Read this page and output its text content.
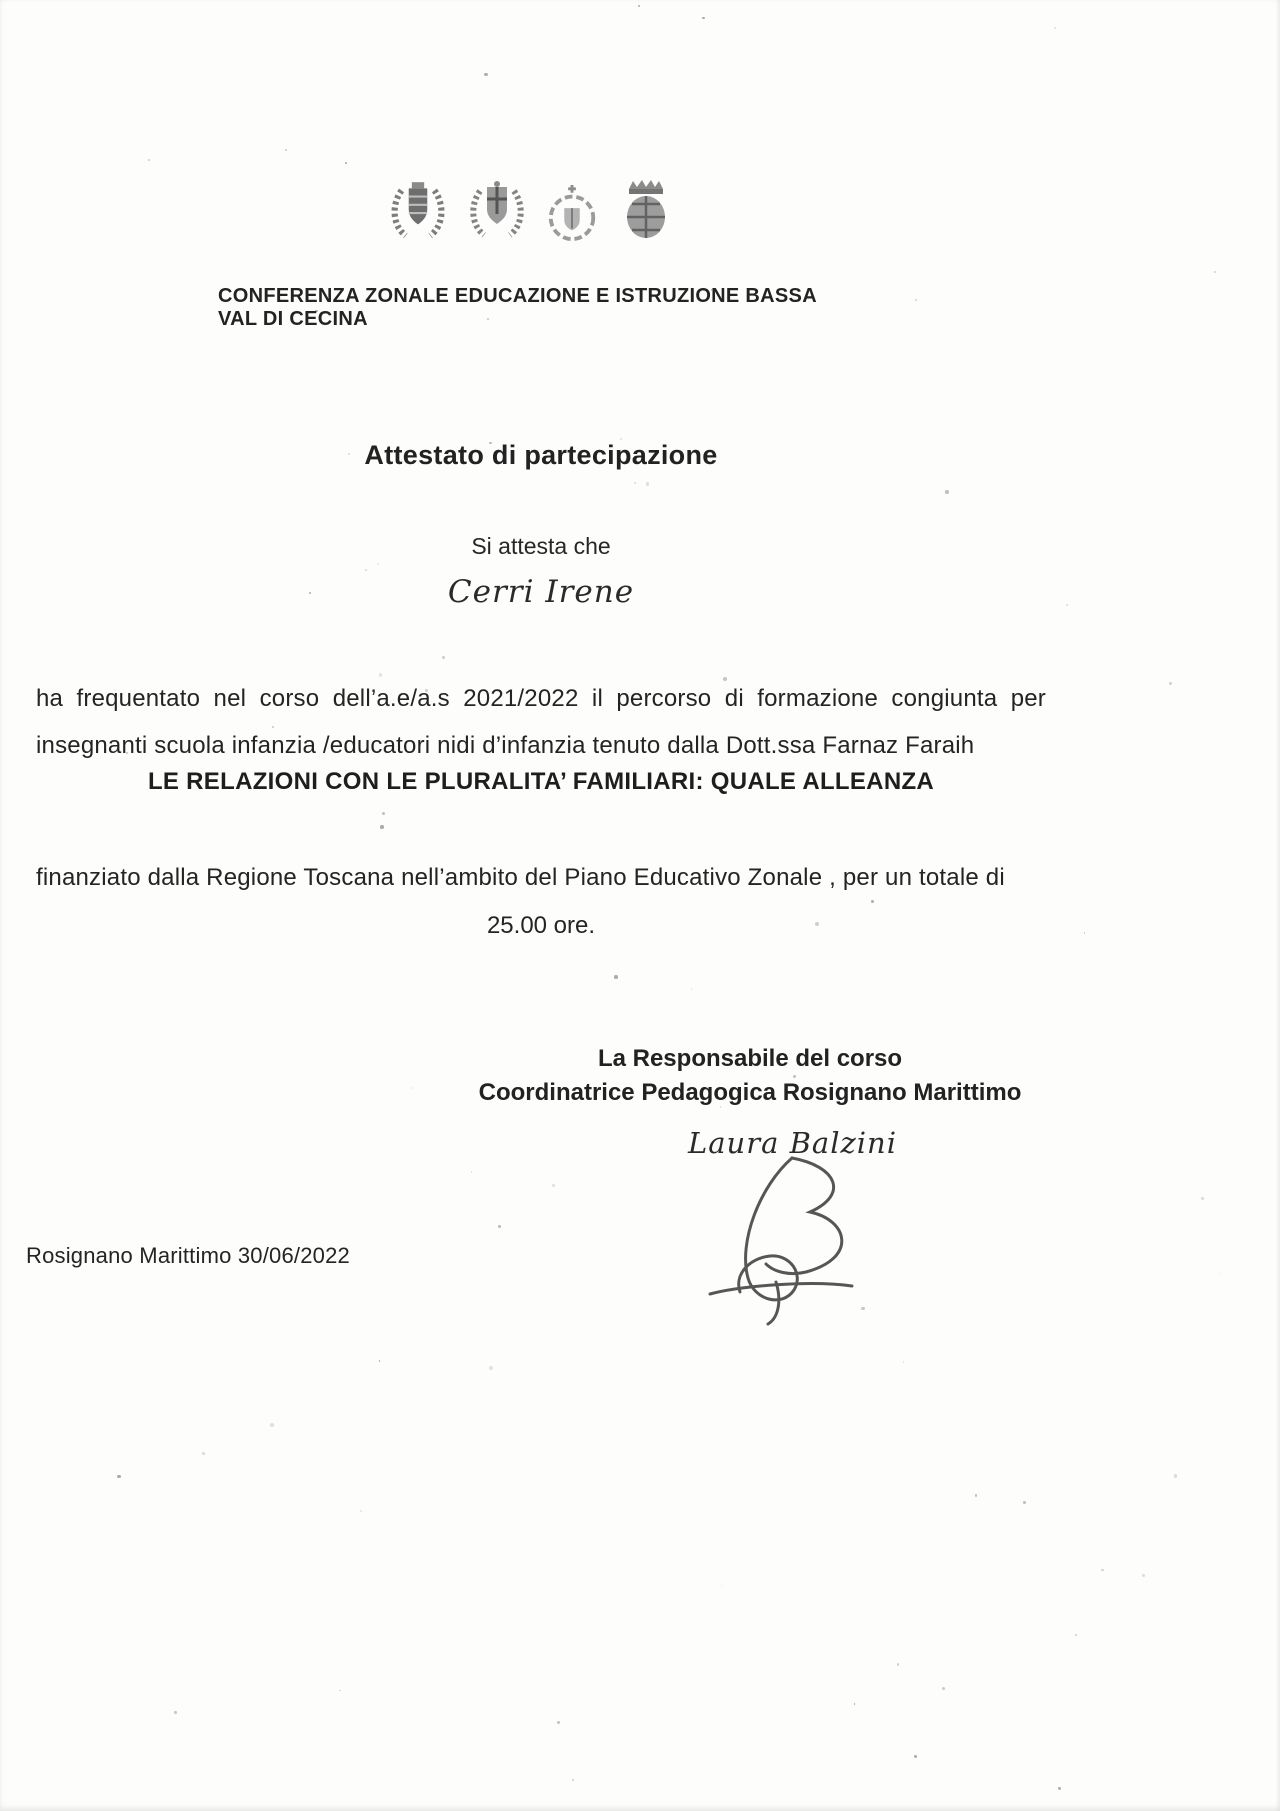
CONFERENZA ZONALE EDUCAZIONE E ISTRUZIONE BASSA VAL DI CECINA
Attestato di partecipazione
Si attesta che
Cerri Irene

ha frequentato nel corso dell’a.e/a.s 2021/2022 il percorso di formazione congiunta per insegnanti scuola infanzia /educatori nidi d’infanzia tenuto dalla Dott.ssa Farnaz Faraih

LE RELAZIONI CON LE PLURALITA’ FAMILIARI: QUALE ALLEANZA

finanziato dalla Regione Toscana nell’ambito del Piano Educativo Zonale , per un totale di

25.00 ore.
La Responsabile del corso
Coordinatrice Pedagogica Rosignano Marittimo
Laura Balzini
Rosignano Marittimo 30/06/2022
